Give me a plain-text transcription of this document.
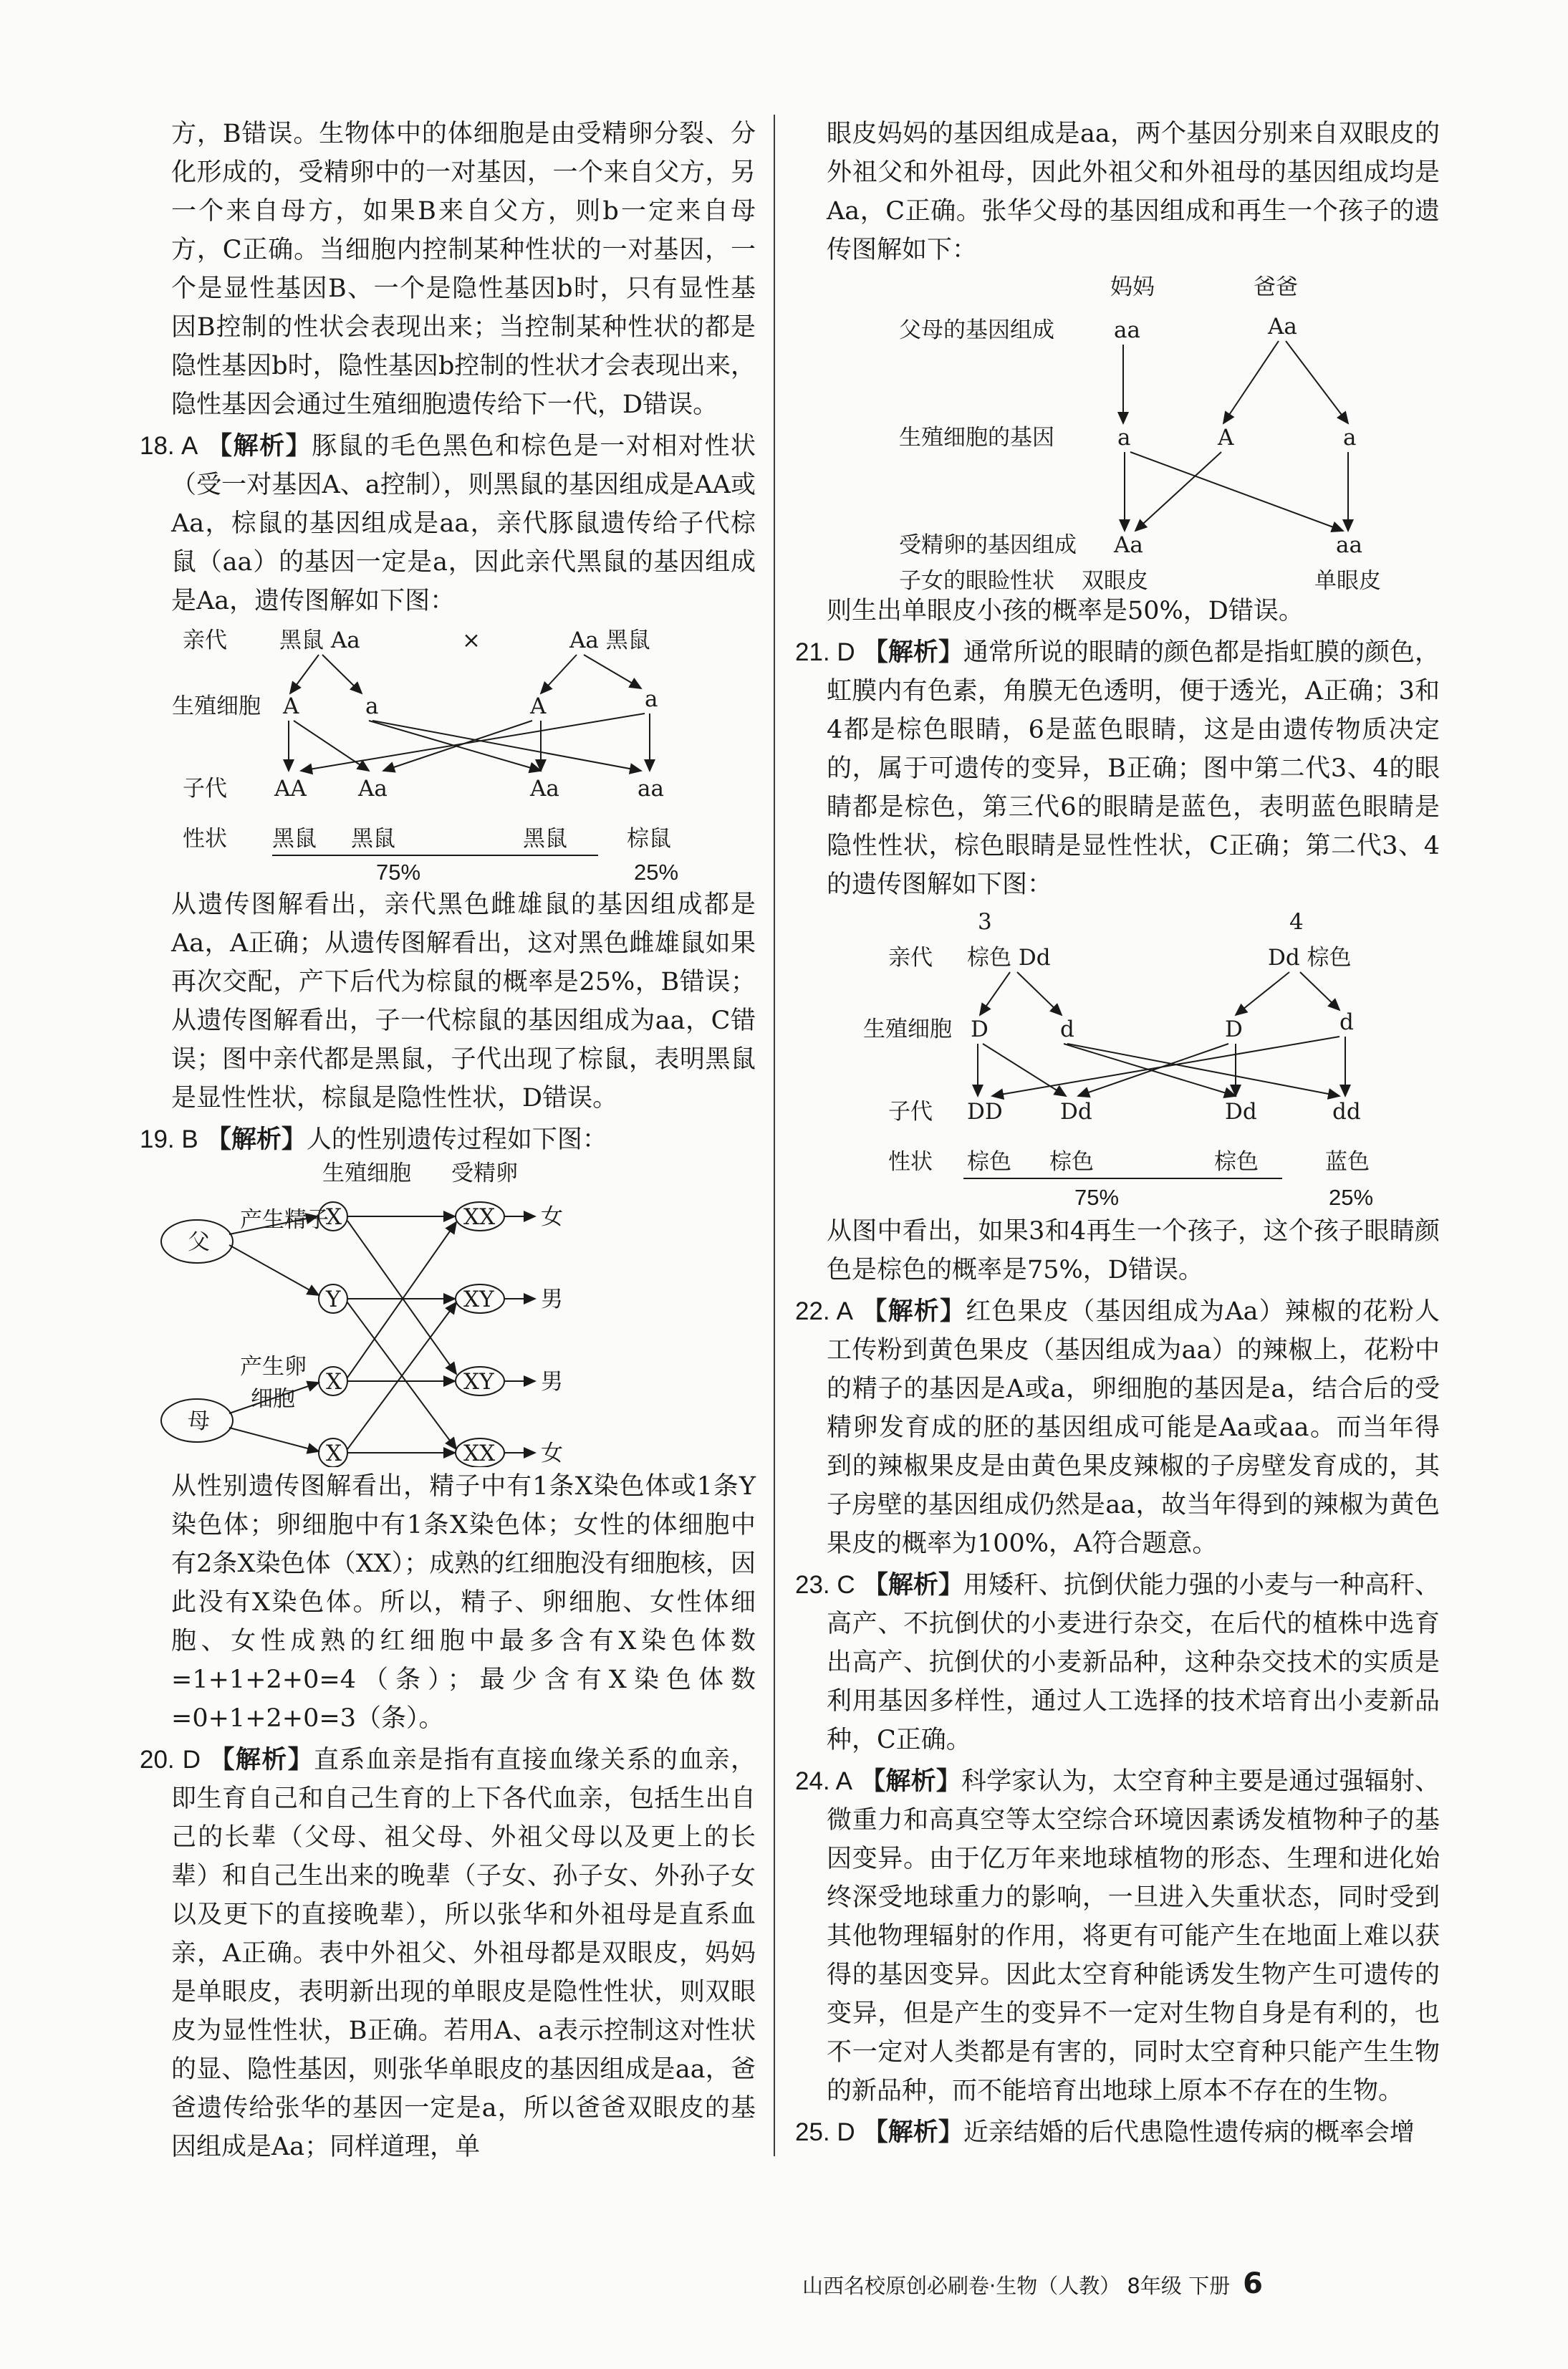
方，B错误。生物体中的体细胞是由受精卵分裂、分化形成的，受精卵中的一对基因，一个来自父方，另一个来自母方，如果B来自父方，则b一定来自母方，C正确。当细胞内控制某种性状的一对基因，一个是显性基因B、一个是隐性基因b时，只有显性基因B控制的性状会表现出来；当控制某种性状的都是隐性基因b时，隐性基因b控制的性状才会表现出来，隐性基因会通过生殖细胞遗传给下一代，D错误。

18. A 【解析】豚鼠的毛色黑色和棕色是一对相对性状（受一对基因A、a控制），则黑鼠的基因组成是AA或Aa，棕鼠的基因组成是aa，亲代豚鼠遗传给子代棕鼠（aa）的基因一定是a，因此亲代黑鼠的基因组成是Aa，遗传图解如下图：

亲代 黑鼠 Aa	×	Aa 黑鼠
生殖细胞 A	a	A	a
子代 AA Aa	Aa	aa
性状 黑鼠 黑鼠	黑鼠	棕鼠
75%	25%

从遗传图解看出，亲代黑色雌雄鼠的基因组成都是Aa，A正确；从遗传图解看出，这对黑色雌雄鼠如果再次交配，产下后代为棕鼠的概率是25%，B错误；从遗传图解看出，子一代棕鼠的基因组成为aa，C错误；图中亲代都是黑鼠，子代出现了棕鼠，表明黑鼠是显性性状，棕鼠是隐性性状，D错误。

19. B 【解析】人的性别遗传过程如下图：

生殖细胞 受精卵
父
母
产生精子
产生卵
细胞
X
Y
X
X
XX
XY
XY
XX
女
男
男
女

从性别遗传图解看出，精子中有1条X染色体或1条Y染色体；卵细胞中有1条X染色体；女性的体细胞中有2条X染色体（XX）；成熟的红细胞没有细胞核，因此没有X染色体。所以，精子、卵细胞、女性体细胞、女性成熟的红细胞中最多含有X染色体数=1+1+2+0=4（条）；最少含有X染色体数=0+1+2+0=3（条）。

20. D 【解析】直系血亲是指有直接血缘关系的血亲，即生育自己和自己生育的上下各代血亲，包括生出自己的长辈（父母、祖父母、外祖父母以及更上的长辈）和自己生出来的晚辈（子女、孙子女、外孙子女以及更下的直接晚辈），所以张华和外祖母是直系血亲，A正确。表中外祖父、外祖母都是双眼皮，妈妈是单眼皮，表明新出现的单眼皮是隐性性状，则双眼皮为显性性状，B正确。若用A、a表示控制这对性状的显、隐性基因，则张华单眼皮的基因组成是aa，爸爸遗传给张华的基因一定是a，所以爸爸双眼皮的基因组成是Aa；同样道理，单

眼皮妈妈的基因组成是aa，两个基因分别来自双眼皮的外祖父和外祖母，因此外祖父和外祖母的基因组成均是Aa，C正确。张华父母的基因组成和再生一个孩子的遗传图解如下：

妈妈	爸爸
父母的基因组成	aa	Aa
生殖细胞的基因	a	A	a
受精卵的基因组成 Aa	aa
子女的眼睑性状 双眼皮	单眼皮

则生出单眼皮小孩的概率是50%，D错误。

21. D 【解析】通常所说的眼睛的颜色都是指虹膜的颜色，虹膜内有色素，角膜无色透明，便于透光，A正确；3和4都是棕色眼睛，6是蓝色眼睛，这是由遗传物质决定的，属于可遗传的变异，B正确；图中第二代3、4的眼睛都是棕色，第三代6的眼睛是蓝色，表明蓝色眼睛是隐性性状，棕色眼睛是显性性状，C正确；第二代3、4的遗传图解如下图：

3	4
亲代 棕色 Dd	Dd 棕色
生殖细胞 D	d	D	d
子代 DD	Dd	Dd	dd
性状 棕色 棕色	棕色	蓝色
75%	25%

从图中看出，如果3和4再生一个孩子，这个孩子眼睛颜色是棕色的概率是75%，D错误。

22. A 【解析】红色果皮（基因组成为Aa）辣椒的花粉人工传粉到黄色果皮（基因组成为aa）的辣椒上，花粉中的精子的基因是A或a，卵细胞的基因是a，结合后的受精卵发育成的胚的基因组成可能是Aa或aa。而当年得到的辣椒果皮是由黄色果皮辣椒的子房壁发育成的，其子房壁的基因组成仍然是aa，故当年得到的辣椒为黄色果皮的概率为100%，A符合题意。

23. C 【解析】用矮秆、抗倒伏能力强的小麦与一种高秆、高产、不抗倒伏的小麦进行杂交，在后代的植株中选育出高产、抗倒伏的小麦新品种，这种杂交技术的实质是利用基因多样性，通过人工选择的技术培育出小麦新品种，C正确。

24. A 【解析】科学家认为，太空育种主要是通过强辐射、微重力和高真空等太空综合环境因素诱发植物种子的基因变异。由于亿万年来地球植物的形态、生理和进化始终深受地球重力的影响，一旦进入失重状态，同时受到其他物理辐射的作用，将更有可能产生在地面上难以获得的基因变异。因此太空育种能诱发生物产生可遗传的变异，但是产生的变异不一定对生物自身是有利的，也不一定对人类都是有害的，同时太空育种只能产生生物的新品种，而不能培育出地球上原本不存在的生物。

25. D 【解析】近亲结婚的后代患隐性遗传病的概率会增

山西名校原创必刷卷·生物（人教） 8年级 下册 6
